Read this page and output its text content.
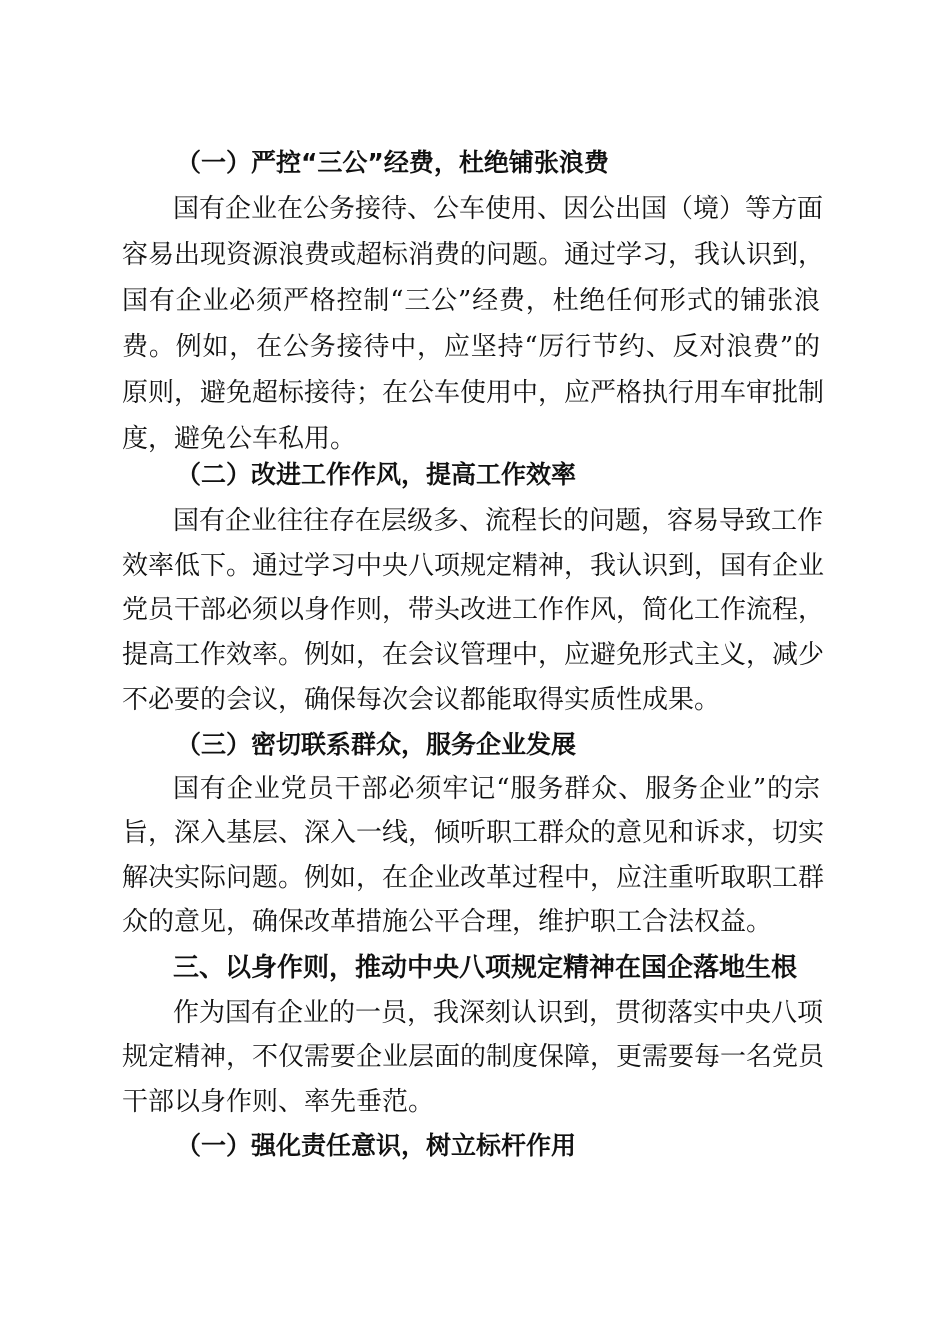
（一）严控“三公”经费，杜绝铺张浪费
国有企业在公务接待、公车使用、因公出国（境）等方面
容易出现资源浪费或超标消费的问题。通过学习，我认识到，
国有企业必须严格控制“三公”经费，杜绝任何形式的铺张浪
费。例如，在公务接待中，应坚持“厉行节约、反对浪费”的
原则，避免超标接待；在公车使用中，应严格执行用车审批制
度，避免公车私用。
（二）改进工作作风，提高工作效率
国有企业往往存在层级多、流程长的问题，容易导致工作
效率低下。通过学习中央八项规定精神，我认识到，国有企业
党员干部必须以身作则，带头改进工作作风，简化工作流程，
提高工作效率。例如，在会议管理中，应避免形式主义，减少
不必要的会议，确保每次会议都能取得实质性成果。
（三）密切联系群众，服务企业发展
国有企业党员干部必须牢记“服务群众、服务企业”的宗
旨，深入基层、深入一线，倾听职工群众的意见和诉求，切实
解决实际问题。例如，在企业改革过程中，应注重听取职工群
众的意见，确保改革措施公平合理，维护职工合法权益。
三、以身作则，推动中央八项规定精神在国企落地生根
作为国有企业的一员，我深刻认识到，贯彻落实中央八项
规定精神，不仅需要企业层面的制度保障，更需要每一名党员
干部以身作则、率先垂范。
（一）强化责任意识，树立标杆作用
